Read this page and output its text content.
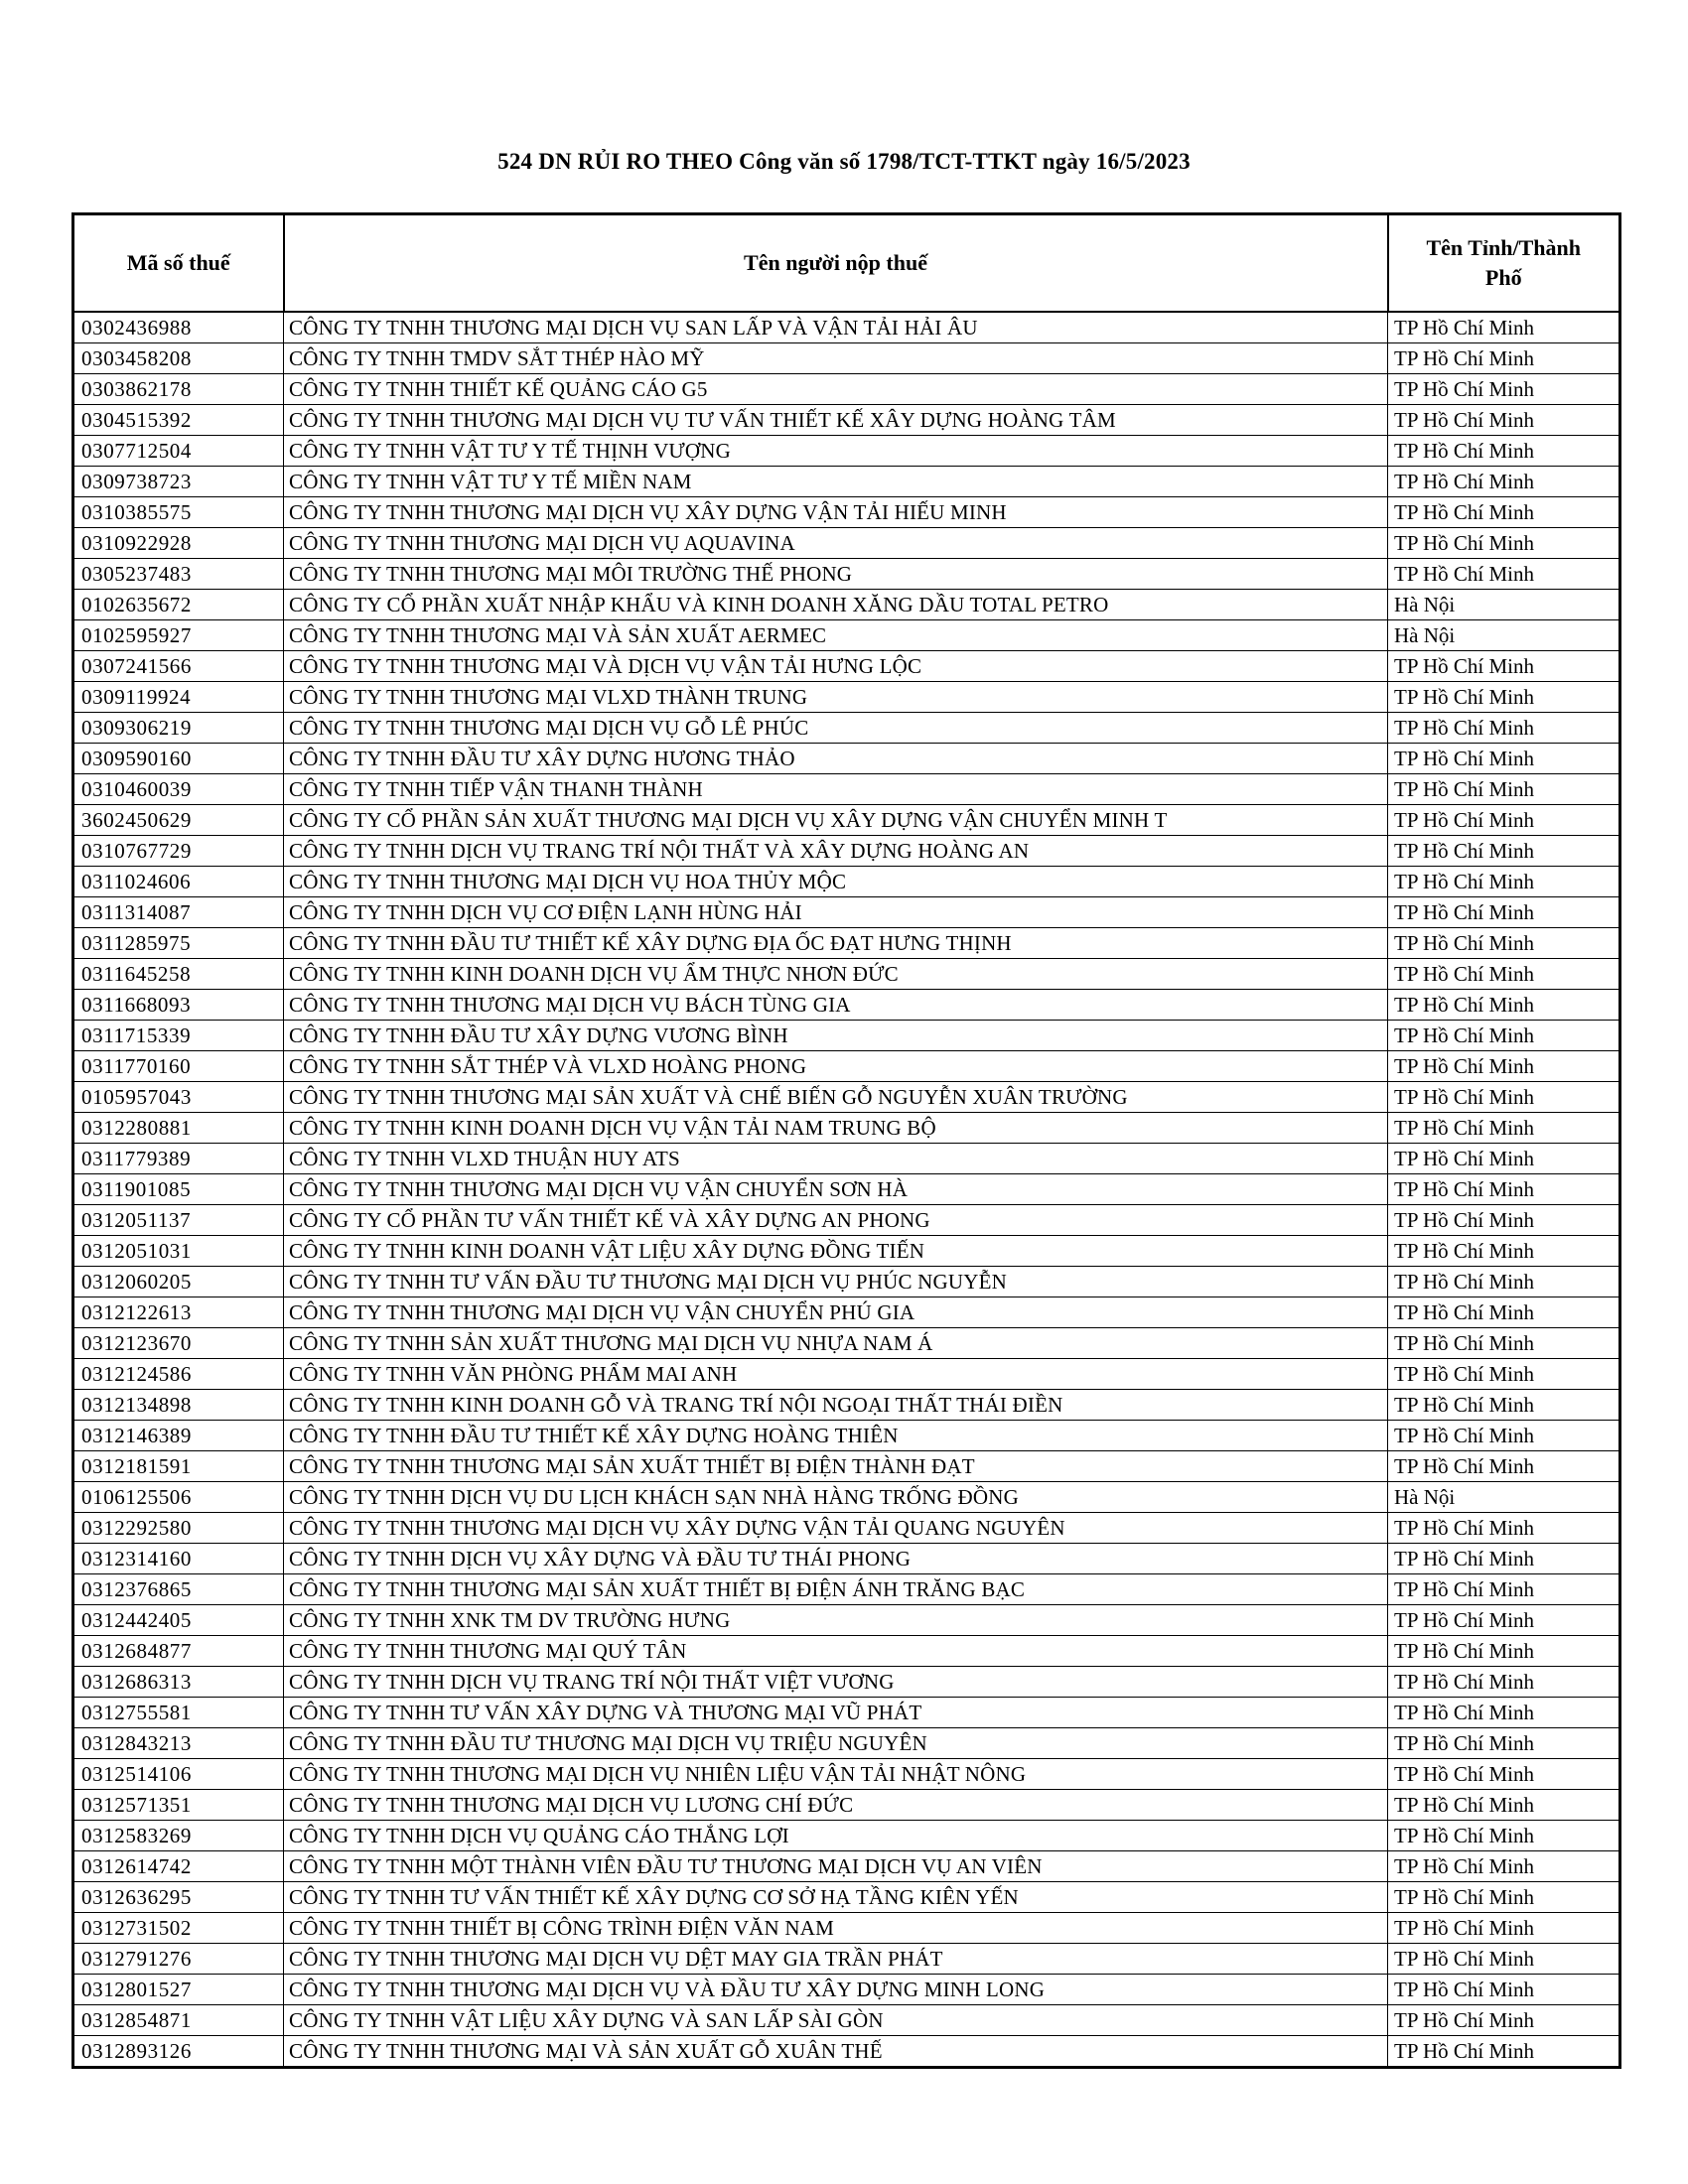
524 DN RỦI RO THEO Công văn số 1798/TCT-TTKT ngày 16/5/2023
Mã số thuế	Tên người nộp thuế	Tên Tỉnh/Thành Phố
0302436988	CÔNG TY TNHH THƯƠNG MẠI DỊCH VỤ SAN LẤP VÀ VẬN TẢI HẢI ÂU	TP Hồ Chí Minh
0303458208	CÔNG TY TNHH TMDV SẮT THÉP HÀO MỸ	TP Hồ Chí Minh
0303862178	CÔNG TY TNHH THIẾT KẾ QUẢNG CÁO G5	TP Hồ Chí Minh
0304515392	CÔNG TY TNHH THƯƠNG MẠI DỊCH VỤ TƯ VẤN THIẾT KẾ XÂY DỰNG HOÀNG TÂM	TP Hồ Chí Minh
0307712504	CÔNG TY TNHH VẬT TƯ Y TẾ THỊNH VƯỢNG	TP Hồ Chí Minh
0309738723	CÔNG TY TNHH VẬT TƯ Y TẾ MIỀN NAM	TP Hồ Chí Minh
0310385575	CÔNG TY TNHH THƯƠNG MẠI DỊCH VỤ XÂY DỰNG VẬN TẢI HIẾU MINH	TP Hồ Chí Minh
0310922928	CÔNG TY TNHH THƯƠNG MẠI DỊCH VỤ AQUAVINA	TP Hồ Chí Minh
0305237483	CÔNG TY TNHH THƯƠNG MẠI MÔI TRƯỜNG THẾ PHONG	TP Hồ Chí Minh
0102635672	CÔNG TY CỔ PHẦN XUẤT NHẬP KHẨU VÀ KINH DOANH XĂNG DẦU TOTAL PETRO	Hà Nội
0102595927	CÔNG TY TNHH THƯƠNG MẠI VÀ SẢN XUẤT AERMEC	Hà Nội
0307241566	CÔNG TY TNHH THƯƠNG MẠI VÀ DỊCH VỤ VẬN TẢI HƯNG LỘC	TP Hồ Chí Minh
0309119924	CÔNG TY TNHH THƯƠNG MẠI VLXD THÀNH TRUNG	TP Hồ Chí Minh
0309306219	CÔNG TY TNHH THƯƠNG MẠI DỊCH VỤ GỖ LÊ PHÚC	TP Hồ Chí Minh
0309590160	CÔNG TY TNHH ĐẦU TƯ XÂY DỰNG HƯƠNG THẢO	TP Hồ Chí Minh
0310460039	CÔNG TY TNHH TIẾP VẬN THANH THÀNH	TP Hồ Chí Minh
3602450629	CÔNG TY CỔ PHẦN SẢN XUẤT THƯƠNG MẠI DỊCH VỤ XÂY DỰNG VẬN CHUYỂN MINH T	TP Hồ Chí Minh
0310767729	CÔNG TY TNHH DỊCH VỤ TRANG TRÍ NỘI THẤT VÀ XÂY DỰNG HOÀNG AN	TP Hồ Chí Minh
0311024606	CÔNG TY TNHH THƯƠNG MẠI DỊCH VỤ HOA THỦY MỘC	TP Hồ Chí Minh
0311314087	CÔNG TY TNHH DỊCH VỤ CƠ ĐIỆN LẠNH HÙNG HẢI	TP Hồ Chí Minh
0311285975	CÔNG TY TNHH ĐẦU TƯ THIẾT KẾ XÂY DỰNG ĐỊA ỐC ĐẠT HƯNG THỊNH	TP Hồ Chí Minh
0311645258	CÔNG TY TNHH KINH DOANH DỊCH VỤ ẨM THỰC NHƠN ĐỨC	TP Hồ Chí Minh
0311668093	CÔNG TY TNHH THƯƠNG MẠI DỊCH VỤ BÁCH TÙNG GIA	TP Hồ Chí Minh
0311715339	CÔNG TY TNHH ĐẦU TƯ XÂY DỰNG VƯƠNG BÌNH	TP Hồ Chí Minh
0311770160	CÔNG TY TNHH SẮT THÉP VÀ VLXD HOÀNG PHONG	TP Hồ Chí Minh
0105957043	CÔNG TY TNHH THƯƠNG MẠI SẢN XUẤT VÀ CHẾ BIẾN GỖ NGUYỄN XUÂN TRƯỜNG	TP Hồ Chí Minh
0312280881	CÔNG TY TNHH KINH DOANH DỊCH VỤ VẬN TẢI NAM TRUNG BỘ	TP Hồ Chí Minh
0311779389	CÔNG TY TNHH VLXD THUẬN HUY ATS	TP Hồ Chí Minh
0311901085	CÔNG TY TNHH THƯƠNG MẠI DỊCH VỤ VẬN CHUYỂN SƠN HÀ	TP Hồ Chí Minh
0312051137	CÔNG TY CỔ PHẦN TƯ VẤN THIẾT KẾ VÀ XÂY DỰNG AN PHONG	TP Hồ Chí Minh
0312051031	CÔNG TY TNHH KINH DOANH VẬT LIỆU XÂY DỰNG ĐỒNG TIẾN	TP Hồ Chí Minh
0312060205	CÔNG TY TNHH TƯ VẤN ĐẦU TƯ THƯƠNG MẠI DỊCH VỤ PHÚC NGUYỄN	TP Hồ Chí Minh
0312122613	CÔNG TY TNHH THƯƠNG MẠI DỊCH VỤ VẬN CHUYỂN PHÚ GIA	TP Hồ Chí Minh
0312123670	CÔNG TY TNHH SẢN XUẤT THƯƠNG MẠI DỊCH VỤ NHỰA NAM Á	TP Hồ Chí Minh
0312124586	CÔNG TY TNHH VĂN PHÒNG PHẨM MAI ANH	TP Hồ Chí Minh
0312134898	CÔNG TY TNHH KINH DOANH GỖ VÀ TRANG TRÍ NỘI NGOẠI THẤT THÁI ĐIỀN	TP Hồ Chí Minh
0312146389	CÔNG TY TNHH ĐẦU TƯ THIẾT KẾ XÂY DỰNG HOÀNG THIÊN	TP Hồ Chí Minh
0312181591	CÔNG TY TNHH THƯƠNG MẠI SẢN XUẤT THIẾT BỊ ĐIỆN THÀNH ĐẠT	TP Hồ Chí Minh
0106125506	CÔNG TY TNHH DỊCH VỤ DU LỊCH KHÁCH SẠN NHÀ HÀNG TRỐNG ĐỒNG	Hà Nội
0312292580	CÔNG TY TNHH THƯƠNG MẠI DỊCH VỤ XÂY DỰNG VẬN TẢI QUANG NGUYÊN	TP Hồ Chí Minh
0312314160	CÔNG TY TNHH DỊCH VỤ XÂY DỰNG VÀ ĐẦU TƯ THÁI PHONG	TP Hồ Chí Minh
0312376865	CÔNG TY TNHH THƯƠNG MẠI SẢN XUẤT THIẾT BỊ ĐIỆN ÁNH TRĂNG BẠC	TP Hồ Chí Minh
0312442405	CÔNG TY TNHH XNK TM DV TRƯỜNG HƯNG	TP Hồ Chí Minh
0312684877	CÔNG TY TNHH THƯƠNG MẠI QUÝ TÂN	TP Hồ Chí Minh
0312686313	CÔNG TY TNHH DỊCH VỤ TRANG TRÍ NỘI THẤT VIỆT VƯƠNG	TP Hồ Chí Minh
0312755581	CÔNG TY TNHH TƯ VẤN XÂY DỰNG VÀ THƯƠNG MẠI VŨ PHÁT	TP Hồ Chí Minh
0312843213	CÔNG TY TNHH ĐẦU TƯ THƯƠNG MẠI DỊCH VỤ TRIỆU NGUYÊN	TP Hồ Chí Minh
0312514106	CÔNG TY TNHH THƯƠNG MẠI DỊCH VỤ NHIÊN LIỆU VẬN TẢI NHẬT NÔNG	TP Hồ Chí Minh
0312571351	CÔNG TY TNHH THƯƠNG MẠI DỊCH VỤ LƯƠNG CHÍ ĐỨC	TP Hồ Chí Minh
0312583269	CÔNG TY TNHH DỊCH VỤ QUẢNG CÁO THẮNG LỢI	TP Hồ Chí Minh
0312614742	CÔNG TY TNHH MỘT THÀNH VIÊN ĐẦU TƯ THƯƠNG MẠI DỊCH VỤ AN VIÊN	TP Hồ Chí Minh
0312636295	CÔNG TY TNHH TƯ VẤN THIẾT KẾ XÂY DỰNG CƠ SỞ HẠ TẦNG KIÊN YẾN	TP Hồ Chí Minh
0312731502	CÔNG TY TNHH THIẾT BỊ CÔNG TRÌNH ĐIỆN VĂN NAM	TP Hồ Chí Minh
0312791276	CÔNG TY TNHH THƯƠNG MẠI DỊCH VỤ DỆT MAY GIA TRẦN PHÁT	TP Hồ Chí Minh
0312801527	CÔNG TY TNHH THƯƠNG MẠI DỊCH VỤ VÀ ĐẦU TƯ XÂY DỰNG MINH LONG	TP Hồ Chí Minh
0312854871	CÔNG TY TNHH VẬT LIỆU XÂY DỰNG VÀ SAN LẤP SÀI GÒN	TP Hồ Chí Minh
0312893126	CÔNG TY TNHH THƯƠNG MẠI VÀ SẢN XUẤT GỖ XUÂN THẾ	TP Hồ Chí Minh
